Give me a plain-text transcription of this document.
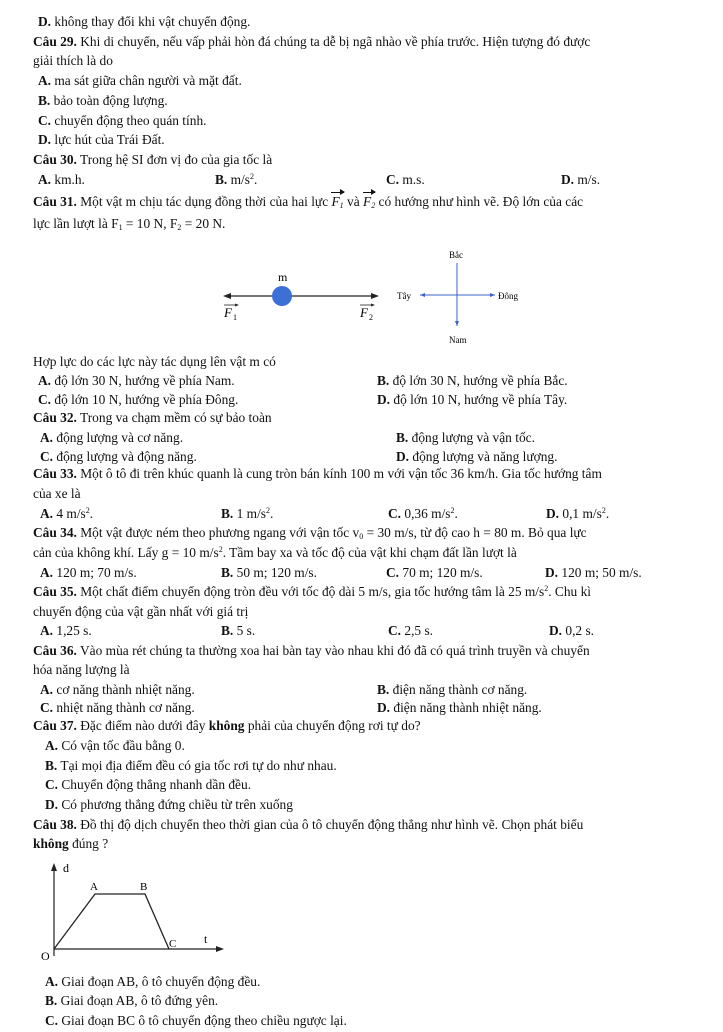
D. không thay đổi khi vật chuyển động.
Câu 29. Khi di chuyển, nếu vấp phải hòn đá chúng ta dễ bị ngã nhào về phía trước. Hiện tượng đó được
giải thích là do
A. ma sát giữa chân người và mặt đất.
B. bảo toàn động lượng.
C. chuyển động theo quán tính.
D. lực hút của Trái Đất.
Câu 30. Trong hệ SI đơn vị đo của gia tốc là
A. km.h.	B. $m/s^2$.	C. m.s.	D. m/s.
Câu 31. Một vật m chịu tác dụng đồng thời của hai lực $F_1$ và $F_2$ có hướng như hình vẽ. Độ lớn của các
lực lần lượt là $F_1 = 10$ N, $F_2 = 20$ N.
m
F 1	F 2
Bắc
Nam
Tây	Đông
Hợp lực do các lực này tác dụng lên vật m có
A. độ lớn 30 N, hướng về phía Nam.	B. độ lớn 30 N, hướng về phía Bắc.
C. độ lớn 10 N, hướng về phía Đông.	D. độ lớn 10 N, hướng về phía Tây.
Câu 32. Trong va chạm mềm có sự bảo toàn
A. động lượng và cơ năng.	B. động lượng và vận tốc.
C. động lượng và động năng.	D. động lượng và năng lượng.
Câu 33. Một ô tô đi trên khúc quanh là cung tròn bán kính 100 m với vận tốc 36 km/h. Gia tốc hướng tâm
của xe là
A. 4 $m/s^2$.	B. 1 $m/s^2$.	C. 0,36 $m/s^2$.	D. 0,1 $m/s^2$.
Câu 34. Một vật được ném theo phương ngang với vận tốc $v_0 = 30$ m/s, từ độ cao h = 80 m. Bỏ qua lực
cản của không khí. Lấy g = 10 $m/s^2$. Tầm bay xa và tốc độ của vật khi chạm đất lần lượt là
A. 120 m; 70 m/s.	B. 50 m; 120 m/s.	C. 70 m; 120 m/s.	D. 120 m; 50 m/s.
Câu 35. Một chất điểm chuyển động tròn đều với tốc độ dài 5 m/s, gia tốc hướng tâm là 25 $m/s^2$. Chu kì
chuyển động của vật gần nhất với giá trị
A. 1,25 s.	B. 5 s.	C. 2,5 s.	D. 0,2 s.
Câu 36. Vào mùa rét chúng ta thường xoa hai bàn tay vào nhau khi đó đã có quá trình truyền và chuyển
hóa năng lượng là
A. cơ năng thành nhiệt năng.	B. điện năng thành cơ năng.
C. nhiệt năng thành cơ năng.	D. điện năng thành nhiệt năng.
Câu 37. Đặc điểm nào dưới đây không phải của chuyển động rơi tự do?
A. Có vận tốc đầu bằng 0.
B. Tại mọi địa điểm đều có gia tốc rơi tự do như nhau.
C. Chuyển động thẳng nhanh dần đều.
D. Có phương thẳng đứng chiều từ trên xuống
Câu 38. Đồ thị độ dịch chuyển theo thời gian của ô tô chuyển động thẳng như hình vẽ. Chọn phát biểu
không đúng ?
d
t
O
A	B
C
A. Giai đoạn AB, ô tô chuyển động đều.
B. Giai đoạn AB, ô tô đứng yên.
C. Giai đoạn BC ô tô chuyển động theo chiều ngược lại.
